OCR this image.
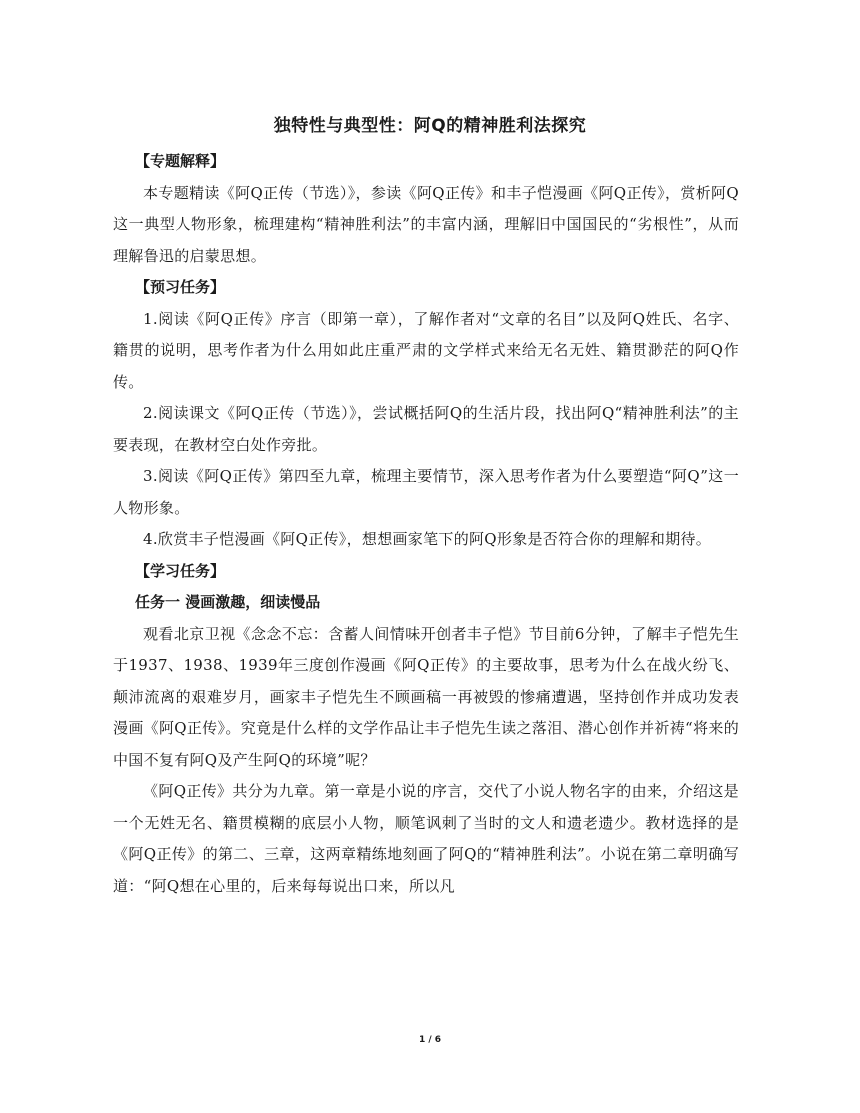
独特性与典型性：阿Q的精神胜利法探究

【专题解释】

本专题精读《阿Q正传（节选）》，参读《阿Q正传》和丰子恺漫画《阿Q正传》，赏析阿Q这一典型人物形象，梳理建构“精神胜利法”的丰富内涵，理解旧中国国民的“劣根性”，从而理解鲁迅的启蒙思想。

【预习任务】

1.阅读《阿Q正传》序言（即第一章），了解作者对“文章的名目”以及阿Q姓氏、名字、籍贯的说明，思考作者为什么用如此庄重严肃的文学样式来给无名无姓、籍贯渺茫的阿Q作传。

2.阅读课文《阿Q正传（节选）》，尝试概括阿Q的生活片段，找出阿Q“精神胜利法”的主要表现，在教材空白处作旁批。

3.阅读《阿Q正传》第四至九章，梳理主要情节，深入思考作者为什么要塑造“阿Q”这一人物形象。

4.欣赏丰子恺漫画《阿Q正传》，想想画家笔下的阿Q形象是否符合你的理解和期待。

【学习任务】

任务一 漫画激趣，细读慢品

观看北京卫视《念念不忘：含蓄人间情味开创者丰子恺》节目前6分钟，了解丰子恺先生于1937、1938、1939年三度创作漫画《阿Q正传》的主要故事，思考为什么在战火纷飞、颠沛流离的艰难岁月，画家丰子恺先生不顾画稿一再被毁的惨痛遭遇，坚持创作并成功发表漫画《阿Q正传》。究竟是什么样的文学作品让丰子恺先生读之落泪、潜心创作并祈祷“将来的中国不复有阿Q及产生阿Q的环境”呢？

《阿Q正传》共分为九章。第一章是小说的序言，交代了小说人物名字的由来，介绍这是一个无姓无名、籍贯模糊的底层小人物，顺笔讽刺了当时的文人和遗老遗少。教材选择的是《阿Q正传》的第二、三章，这两章精练地刻画了阿Q的“精神胜利法”。小说在第二章明确写道：“阿Q想在心里的，后来每每说出口来，所以凡

1 / 6
